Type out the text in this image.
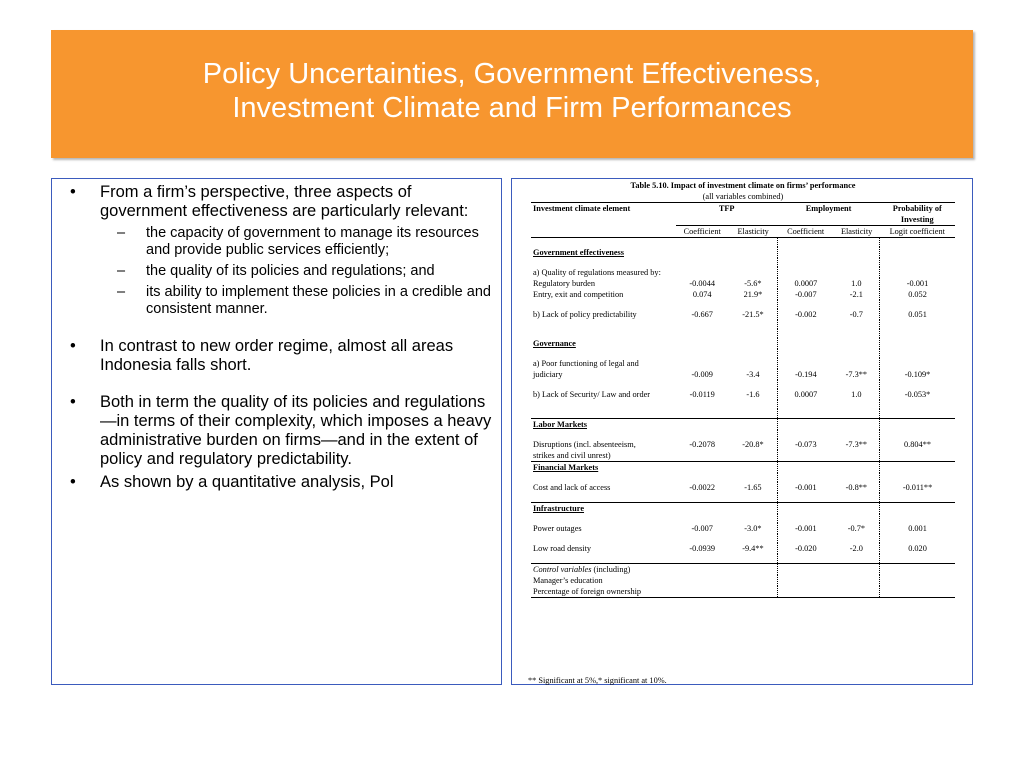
Policy Uncertainties, Government Effectiveness,
Investment Climate and Firm Performances

• From a firm’s perspective, three aspects of government effectiveness are particularly relevant:

– the capacity of government to manage its resources and provide public services efficiently;

– the quality of its policies and regulations; and

– its ability to implement these policies in a credible and consistent manner.

• In contrast to new order regime, almost all areas Indonesia falls short.

• Both in term the quality of its policies and regulations—in terms of their complexity, which imposes a heavy administrative burden on firms—and in the extent of policy and regulatory predictability.

• As shown by a quantitative analysis, Pol

Table 5.10. Impact of investment climate on firms’ performance
(all variables combined)
Investment climate element	TFP		Employment		Probability of Investing
	Coefficient	Elasticity	Coefficient	Elasticity	Logit coefficient

Government effectiveness					

a) Quality of regulations measured by:					
Regulatory burden	-0.0044	-5.6*	0.0007	1.0	-0.001
Entry, exit and competition	0.074	21.9*	-0.007	-2.1	0.052

b) Lack of policy predictability	-0.667	-21.5*	-0.002	-0.7	0.051

Governance					

a) Poor functioning of legal and					
judiciary	-0.009	-3.4	-0.194	-7.3**	-0.109*

b) Lack of Security/ Law and order	-0.0119	-1.6	0.0007	1.0	-0.053*

Labor Markets					

Disruptions (incl. absenteeism,	-0.2078	-20.8*	-0.073	-7.3**	0.804**
strikes and civil unrest)					
Financial Markets					

Cost and lack of access	-0.0022	-1.65	-0.001	-0.8**	-0.011**

Infrastructure					

Power outages	-0.007	-3.0*	-0.001	-0.7*	0.001

Low road density	-0.0939	-9.4**	-0.020	-2.0	0.020

Control variables (including)					
Manager’s education					
Percentage of foreign ownership					
** Significant at 5%,* significant at 10%.
